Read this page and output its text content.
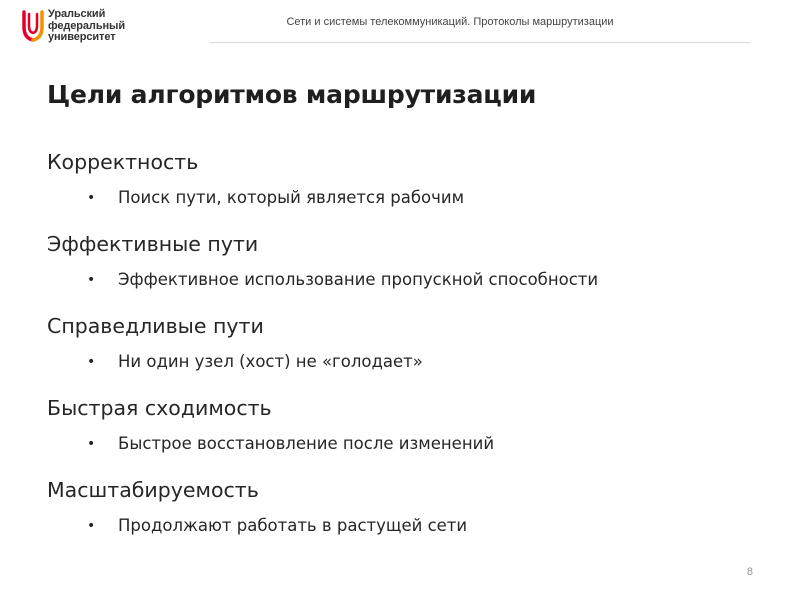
Уральский
федеральный
университет
Сети и системы телекоммуникаций. Протоколы маршрутизации
Цели алгоритмов маршрутизации
Корректность
• Поиск пути, который является рабочим
Эффективные пути
• Эффективное использование пропускной способности
Справедливые пути
• Ни один узел (хост) не «голодает»
Быстрая сходимость
• Быстрое восстановление после изменений
Масштабируемость
• Продолжают работать в растущей сети
8
